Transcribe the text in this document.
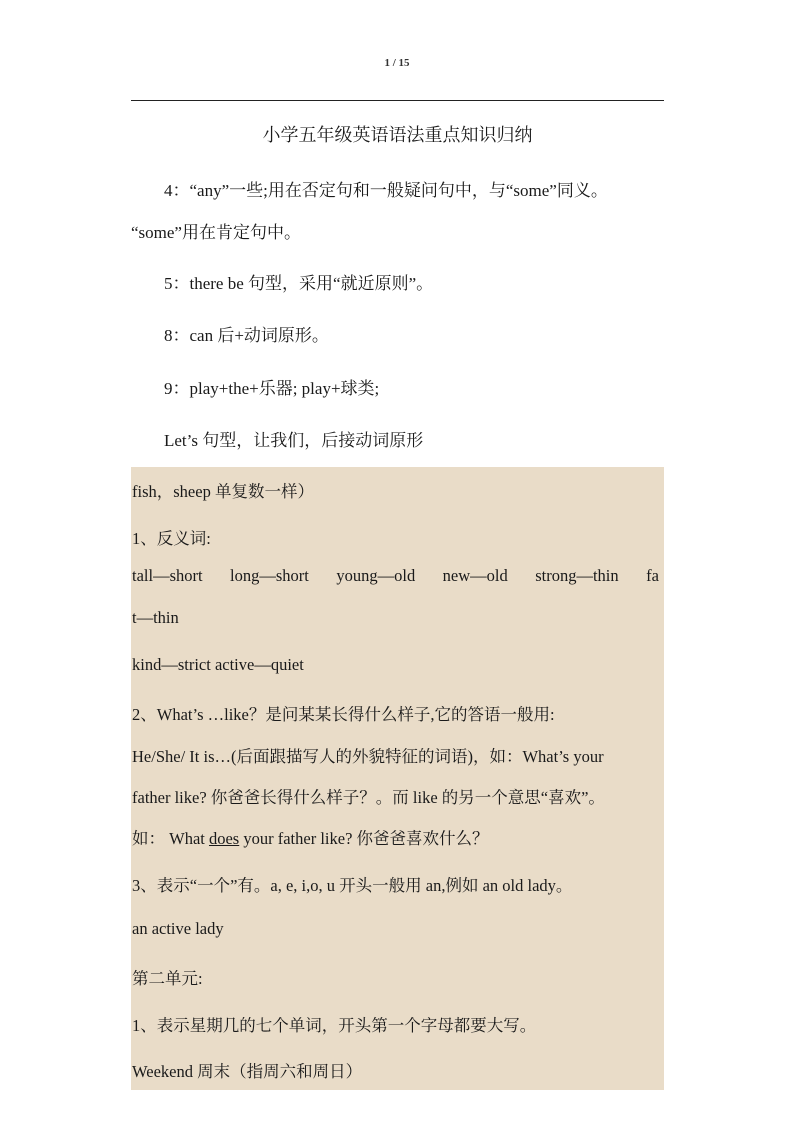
1 / 15
小学五年级英语语法重点知识归纳
4：“any”一些;用在否定句和一般疑问句中，与“some”同义。
“some”用在肯定句中。
5：there be 句型，采用“就近原则”。
8：can 后+动词原形。
9：play+the+乐器; play+球类;
Let’s 句型，让我们，后接动词原形
fish，sheep 单复数一样）
1、反义词:
tall—short long—short young—old new—old strong—thin fa
t—thin
kind—strict active—quiet
2、What’s …like？是问某某长得什么样子,它的答语一般用:
He/She/ It is…(后面跟描写人的外貌特征的词语)，如：What’s your
father like? 你爸爸长得什么样子？。而 like 的另一个意思“喜欢”。
如： What does your father like? 你爸爸喜欢什么？
3、表示“一个”有。a, e, i,o, u 开头一般用 an,例如 an old lady。
an active lady
第二单元:
1、表示星期几的七个单词，开头第一个字母都要大写。
Weekend 周末（指周六和周日）
